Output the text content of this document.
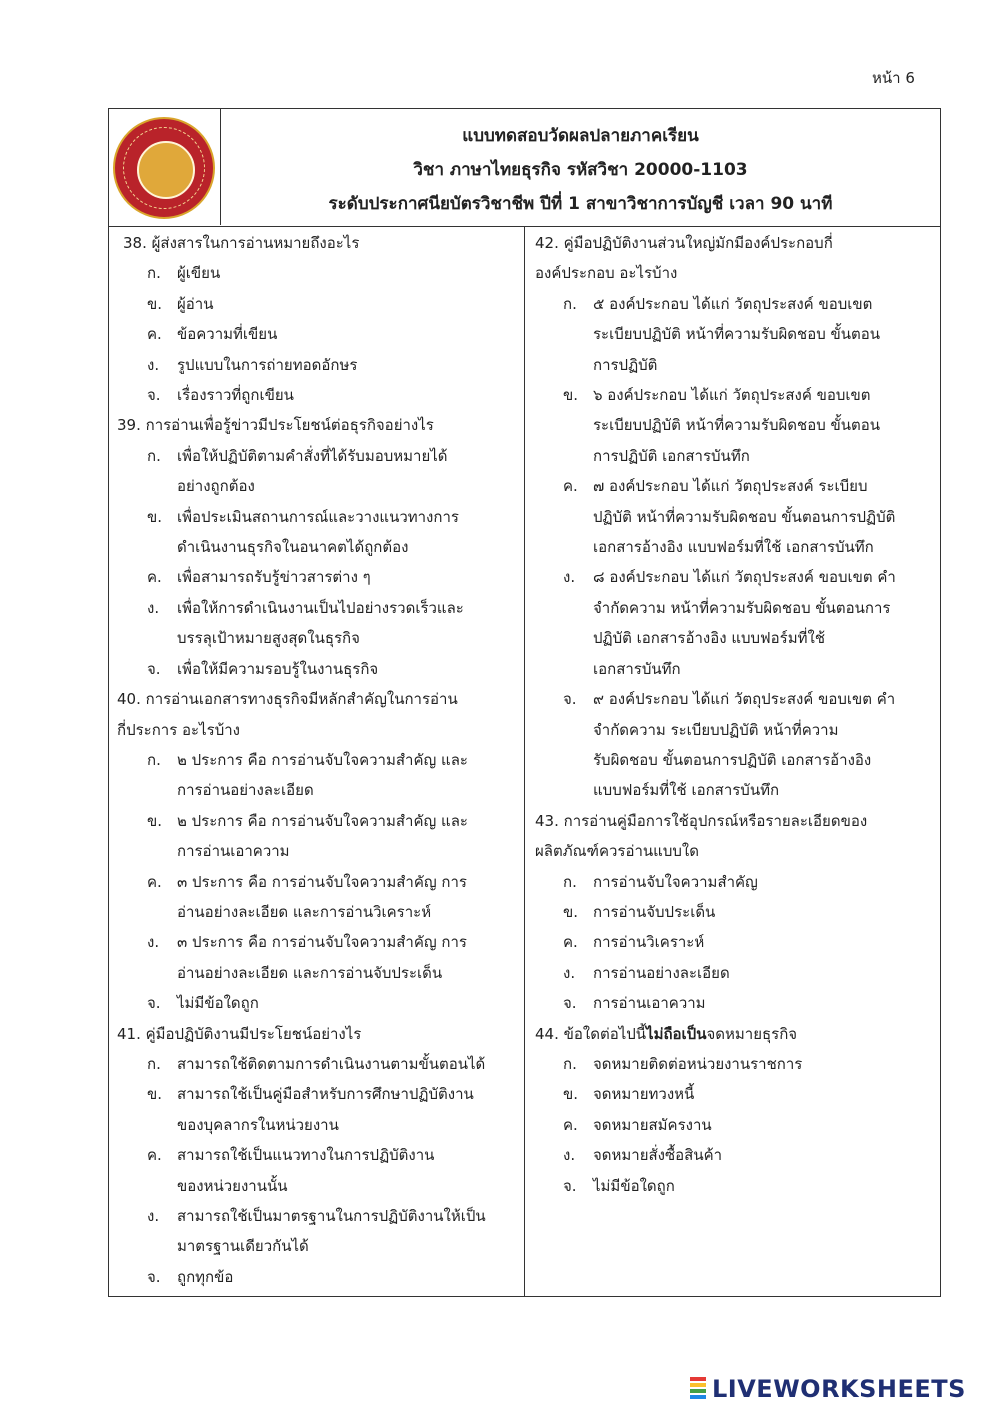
หน้า 6
แบบทดสอบวัดผลปลายภาคเรียน
วิชา ภาษาไทยธุรกิจ รหัสวิชา 20000-1103
ระดับประกาศนียบัตรวิชาชีพ ปีที่ 1 สาขาวิชาการบัญชี เวลา 90 นาที

38. ผู้ส่งสารในการอ่านหมายถึงอะไร

ก. ผู้เขียน

ข. ผู้อ่าน

ค. ข้อความที่เขียน

ง. รูปแบบในการถ่ายทอดอักษร

จ. เรื่องราวที่ถูกเขียน

39. การอ่านเพื่อรู้ข่าวมีประโยชน์ต่อธุรกิจอย่างไร

ก. เพื่อให้ปฏิบัติตามคำสั่งที่ได้รับมอบหมายได้

อย่างถูกต้อง

ข. เพื่อประเมินสถานการณ์และวางแนวทางการ

ดำเนินงานธุรกิจในอนาคตได้ถูกต้อง

ค. เพื่อสามารถรับรู้ข่าวสารต่าง ๆ

ง. เพื่อให้การดำเนินงานเป็นไปอย่างรวดเร็วและ

บรรลุเป้าหมายสูงสุดในธุรกิจ

จ. เพื่อให้มีความรอบรู้ในงานธุรกิจ

40. การอ่านเอกสารทางธุรกิจมีหลักสำคัญในการอ่าน

กี่ประการ อะไรบ้าง

ก. ๒ ประการ คือ การอ่านจับใจความสำคัญ และ

การอ่านอย่างละเอียด

ข. ๒ ประการ คือ การอ่านจับใจความสำคัญ และ

การอ่านเอาความ

ค. ๓ ประการ คือ การอ่านจับใจความสำคัญ การ

อ่านอย่างละเอียด และการอ่านวิเคราะห์

ง. ๓ ประการ คือ การอ่านจับใจความสำคัญ การ

อ่านอย่างละเอียด และการอ่านจับประเด็น

จ. ไม่มีข้อใดถูก

41. คู่มือปฏิบัติงานมีประโยชน์อย่างไร

ก. สามารถใช้ติดตามการดำเนินงานตามขั้นตอนได้

ข. สามารถใช้เป็นคู่มือสำหรับการศึกษาปฏิบัติงาน

ของบุคลากรในหน่วยงาน

ค. สามารถใช้เป็นแนวทางในการปฏิบัติงาน

ของหน่วยงานนั้น

ง. สามารถใช้เป็นมาตรฐานในการปฏิบัติงานให้เป็น

มาตรฐานเดียวกันได้

จ. ถูกทุกข้อ

42. คู่มือปฏิบัติงานส่วนใหญ่มักมีองค์ประกอบกี่

องค์ประกอบ อะไรบ้าง

ก. ๕ องค์ประกอบ ได้แก่ วัตถุประสงค์ ขอบเขต

ระเบียบปฏิบัติ หน้าที่ความรับผิดชอบ ขั้นตอน

การปฏิบัติ

ข. ๖ องค์ประกอบ ได้แก่ วัตถุประสงค์ ขอบเขต

ระเบียบปฏิบัติ หน้าที่ความรับผิดชอบ ขั้นตอน

การปฏิบัติ เอกสารบันทึก

ค. ๗ องค์ประกอบ ได้แก่ วัตถุประสงค์ ระเบียบ

ปฏิบัติ หน้าที่ความรับผิดชอบ ขั้นตอนการปฏิบัติ

เอกสารอ้างอิง แบบฟอร์มที่ใช้ เอกสารบันทึก

ง. ๘ องค์ประกอบ ได้แก่ วัตถุประสงค์ ขอบเขต คำ

จำกัดความ หน้าที่ความรับผิดชอบ ขั้นตอนการ

ปฏิบัติ เอกสารอ้างอิง แบบฟอร์มที่ใช้

เอกสารบันทึก

จ. ๙ องค์ประกอบ ได้แก่ วัตถุประสงค์ ขอบเขต คำ

จำกัดความ ระเบียบปฏิบัติ หน้าที่ความ

รับผิดชอบ ขั้นตอนการปฏิบัติ เอกสารอ้างอิง

แบบฟอร์มที่ใช้ เอกสารบันทึก

43. การอ่านคู่มือการใช้อุปกรณ์หรือรายละเอียดของ

ผลิตภัณฑ์ควรอ่านแบบใด

ก. การอ่านจับใจความสำคัญ

ข. การอ่านจับประเด็น

ค. การอ่านวิเคราะห์

ง. การอ่านอย่างละเอียด

จ. การอ่านเอาความ

44. ข้อใดต่อไปนี้ไม่ถือเป็นจดหมายธุรกิจ

ก. จดหมายติดต่อหน่วยงานราชการ

ข. จดหมายทวงหนี้

ค. จดหมายสมัครงาน

ง. จดหมายสั่งซื้อสินค้า

จ. ไม่มีข้อใดถูก

LIVEWORKSHEETS
